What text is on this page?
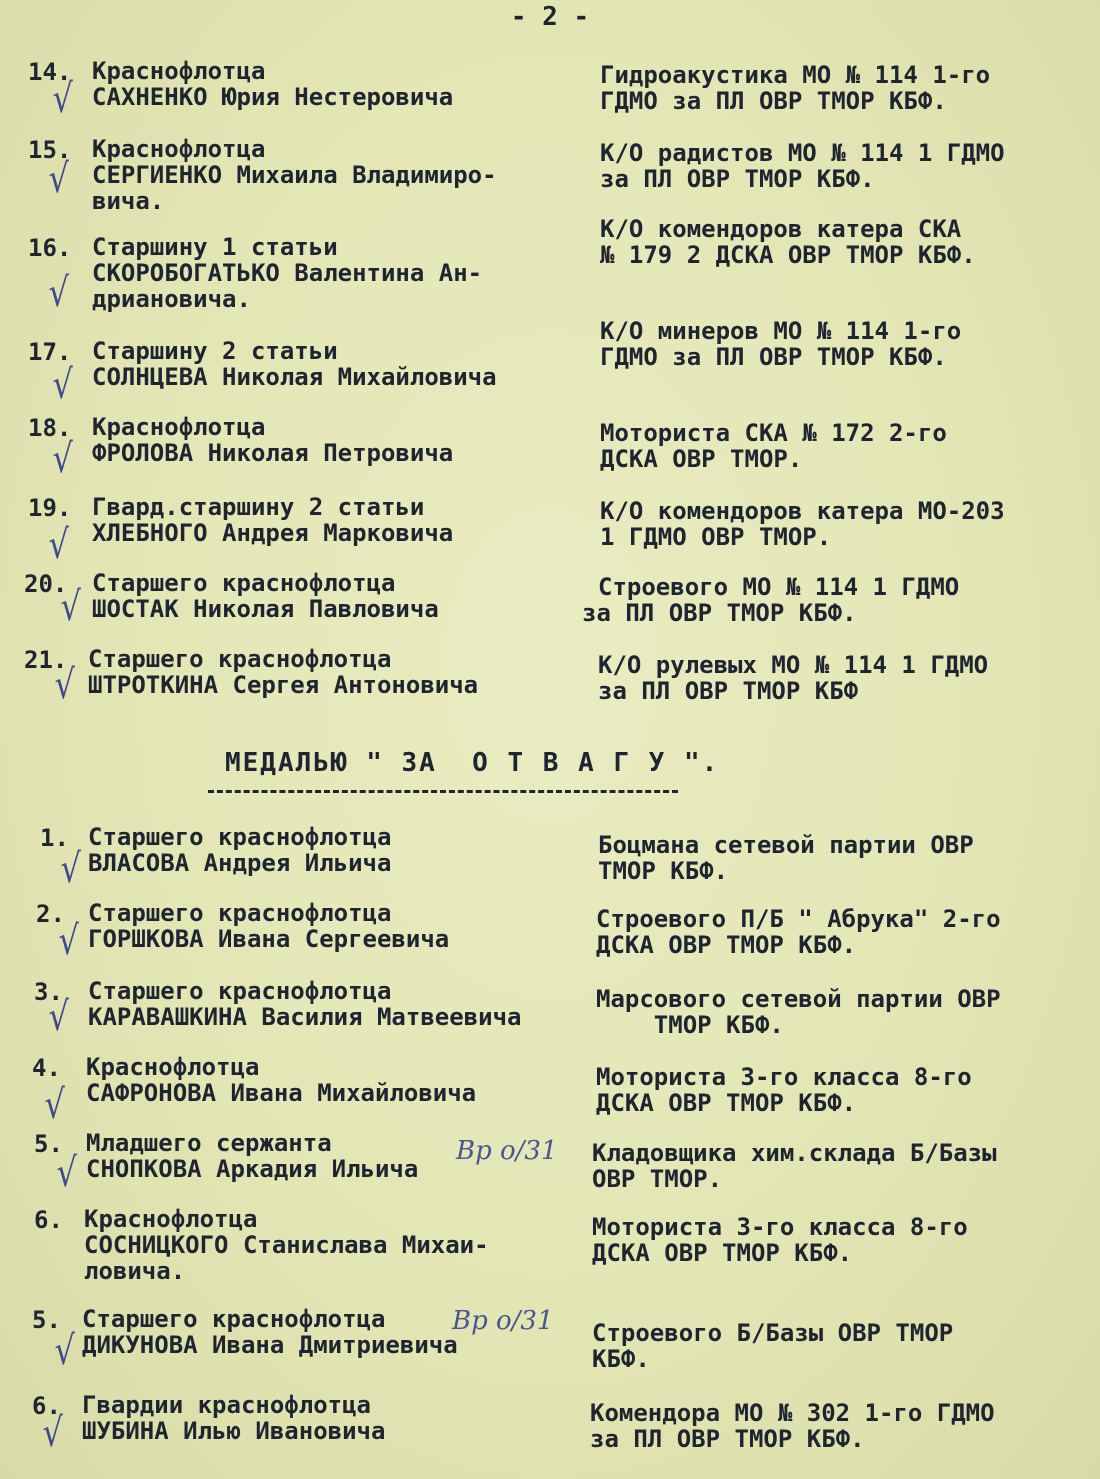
- 2 -
14. Краснофлотца
САХНЕНКО Юрия Нестеровича
Гидроакустика МО № 114 1-го
ГДМО за ПЛ ОВР ТМОР КБФ.
√
15. Краснофлотца
СЕРГИЕНКО Михаила Владимиро-
вича.
К/О радистов МО № 114 1 ГДМО
за ПЛ ОВР ТМОР КБФ.
√
16. Старшину 1 статьи
СКОРОБОГАТЬКО Валентина Ан-
дриановича.
К/О комендоров катера СКА
№ 179 2 ДСКА ОВР ТМОР КБФ.
√
17. Старшину 2 статьи
СОЛНЦЕВА Николая Михайловича
К/О минеров МО № 114 1-го
ГДМО за ПЛ ОВР ТМОР КБФ.
√
18. Краснофлотца
ФРОЛОВА Николая Петровича
Моториста СКА № 172 2-го
ДСКА ОВР ТМОР.
√
19. Гвард.старшину 2 статьи
ХЛЕБНОГО Андрея Марковича
К/О комендоров катера МО-203
1 ГДМО ОВР ТМОР.
√
20. Старшего краснофлотца
ШОСТАК Николая Павловича
Строевого МО № 114 1 ГДМО
за ПЛ ОВР ТМОР КБФ.
√
21. Старшего краснофлотца
ШТРОТКИНА Сергея Антоновича
К/О рулевых МО № 114 1 ГДМО
за ПЛ ОВР ТМОР КБФ
√
МЕДАЛЬЮ " ЗА  О Т В А Г У ".
1. Старшего краснофлотца
ВЛАСОВА Андрея Ильича
Боцмана сетевой партии ОВР
ТМОР КБФ.
√
2. Старшего краснофлотца
ГОРШКОВА Ивана Сергеевича
Строевого П/Б " Абрука" 2-го
ДСКА ОВР ТМОР КБФ.
√
3. Старшего краснофлотца
КАРАВАШКИНА Василия Матвеевича
Марсового сетевой партии ОВР
ТМОР КБФ.
√
4. Краснофлотца
САФРОНОВА Ивана Михайловича
Моториста 3-го класса 8-го
ДСКА ОВР ТМОР КБФ.
√
5. Младшего сержанта
СНОПКОВА Аркадия Ильича
Кладовщика хим.склада Б/Базы
ОВР ТМОР.
√	Вр о/31
6. Краснофлотца
СОСНИЦКОГО Станислава Михаи-
ловича.
Моториста 3-го класса 8-го
ДСКА ОВР ТМОР КБФ.
5. Старшего краснофлотца
ДИКУНОВА Ивана Дмитриевича	Строевого Б/Базы ОВР ТМОР
КБФ.
√
Вр о/31
6. Гвардии краснофлотца
ШУБИНА Илью Ивановича
Комендора МО № 302 1-го ГДМО
за ПЛ ОВР ТМОР КБФ.
√
